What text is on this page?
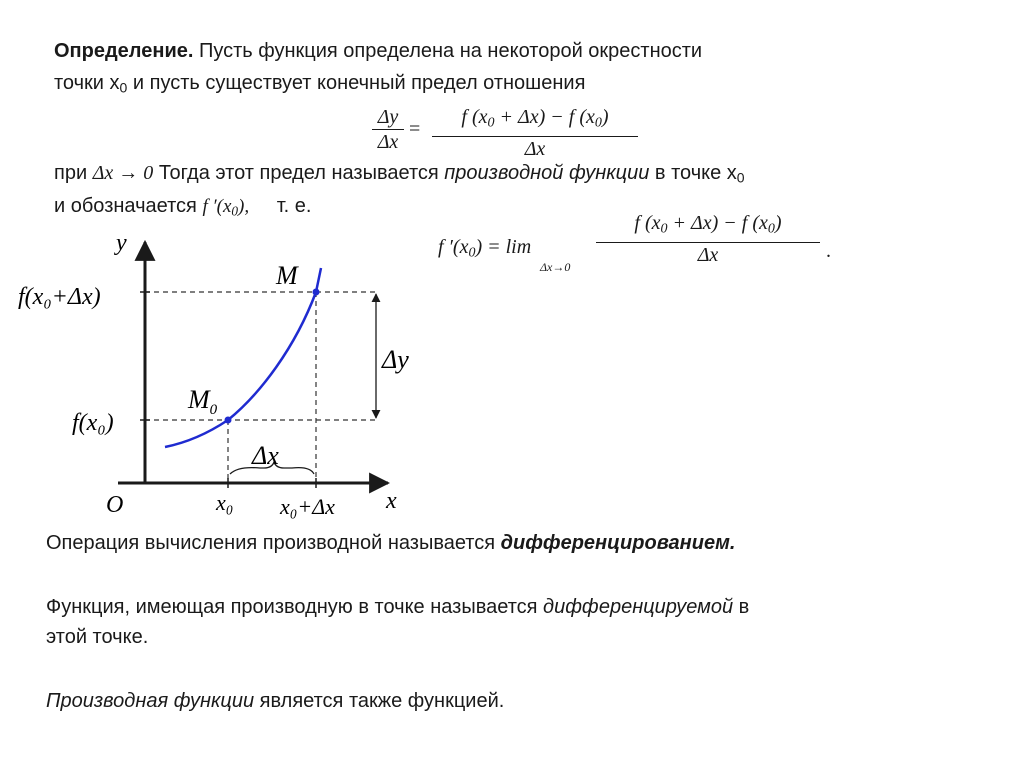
Определение. Пусть функция определена на некоторой окрестности
точки $x_0$ и пусть существует конечный предел отношения
Δy
Δx
=
f $(x_0 + \Delta x) - f$ $(x_0)$
Δx
при Δx → 0 Тогда этот предел называется производной функции в точке $x_0$
и обозначается f $'(x_0)$, т. е.
f $'(x_0) = \lim$
Δx→0
f $(x_0 + \Delta x) - f$ $(x_0)$
Δx	.
y
x
O
M
$M_0$
f(x₀+Δx)
f(x₀)
Δy
Δx
x₀ x₀+Δx
Операция вычисления производной называется дифференцированием.
Функция, имеющая производную в точке называется дифференцируемой в
этой точке.
Производная функции является также функцией.
